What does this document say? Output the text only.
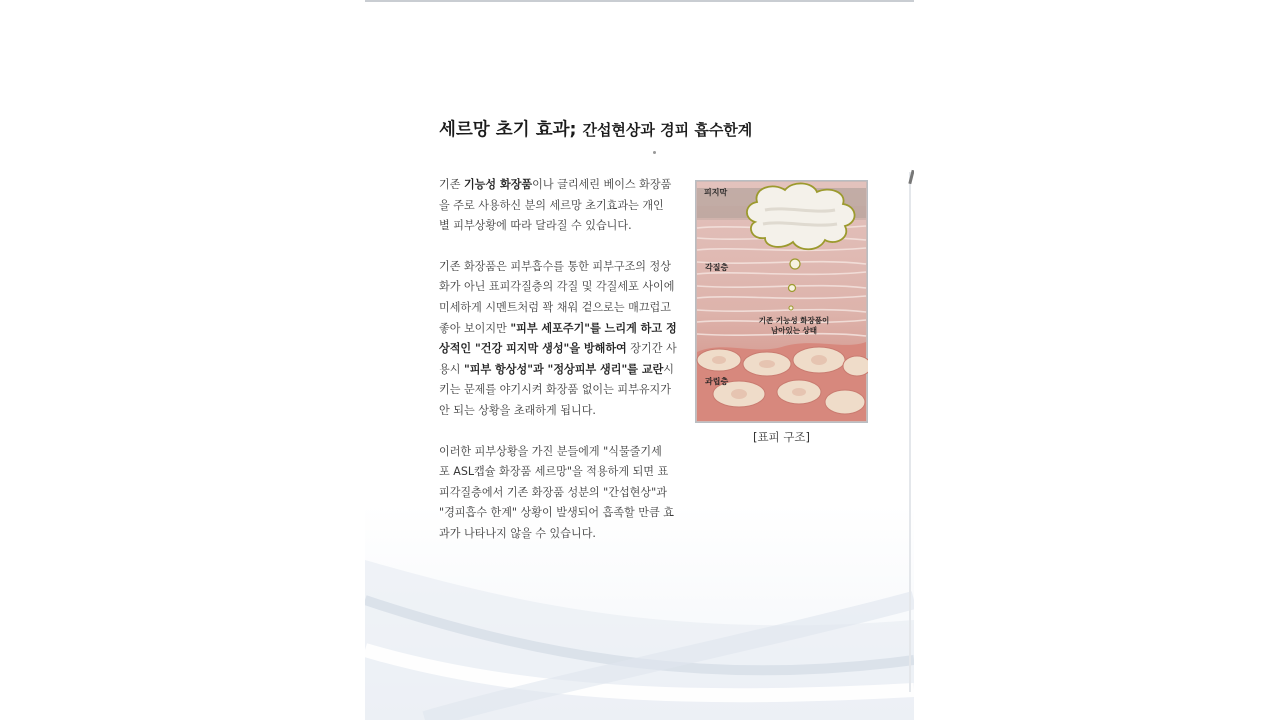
세르망 초기 효과; 간섭현상과 경피 흡수한계
기존 기능성 화장품이나 글리세린 베이스 화장품
을 주로 사용하신 분의 세르망 초기효과는 개인
별 피부상황에 따라 달라질 수 있습니다.
기존 화장품은 피부흡수를 통한 피부구조의 정상
화가 아닌 표피각질층의 각질 및 각질세포 사이에
미세하게 시멘트처럼 꽉 채워 겉으로는 매끄럽고
좋아 보이지만 "피부 세포주기"를 느리게 하고 정
상적인 "건강 피지막 생성"을 방해하여 장기간 사
용시 "피부 항상성"과 "정상피부 생리"를 교란시
키는 문제를 야기시켜 화장품 없이는 피부유지가
안 되는 상황을 초래하게 됩니다.
이러한 피부상황을 가진 분들에게 "식물줄기세
포 ASL캡슐 화장품 세르망"을 적용하게 되면 표
피각질층에서 기존 화장품 성분의 "간섭현상"과
"경피흡수 한계" 상황이 발생되어 흡족할 만큼 효
과가 나타나지 않을 수 있습니다.
피지막
각질층
과립층
기존 기능성 화장품이
남아있는 상태

[표피 구조]
